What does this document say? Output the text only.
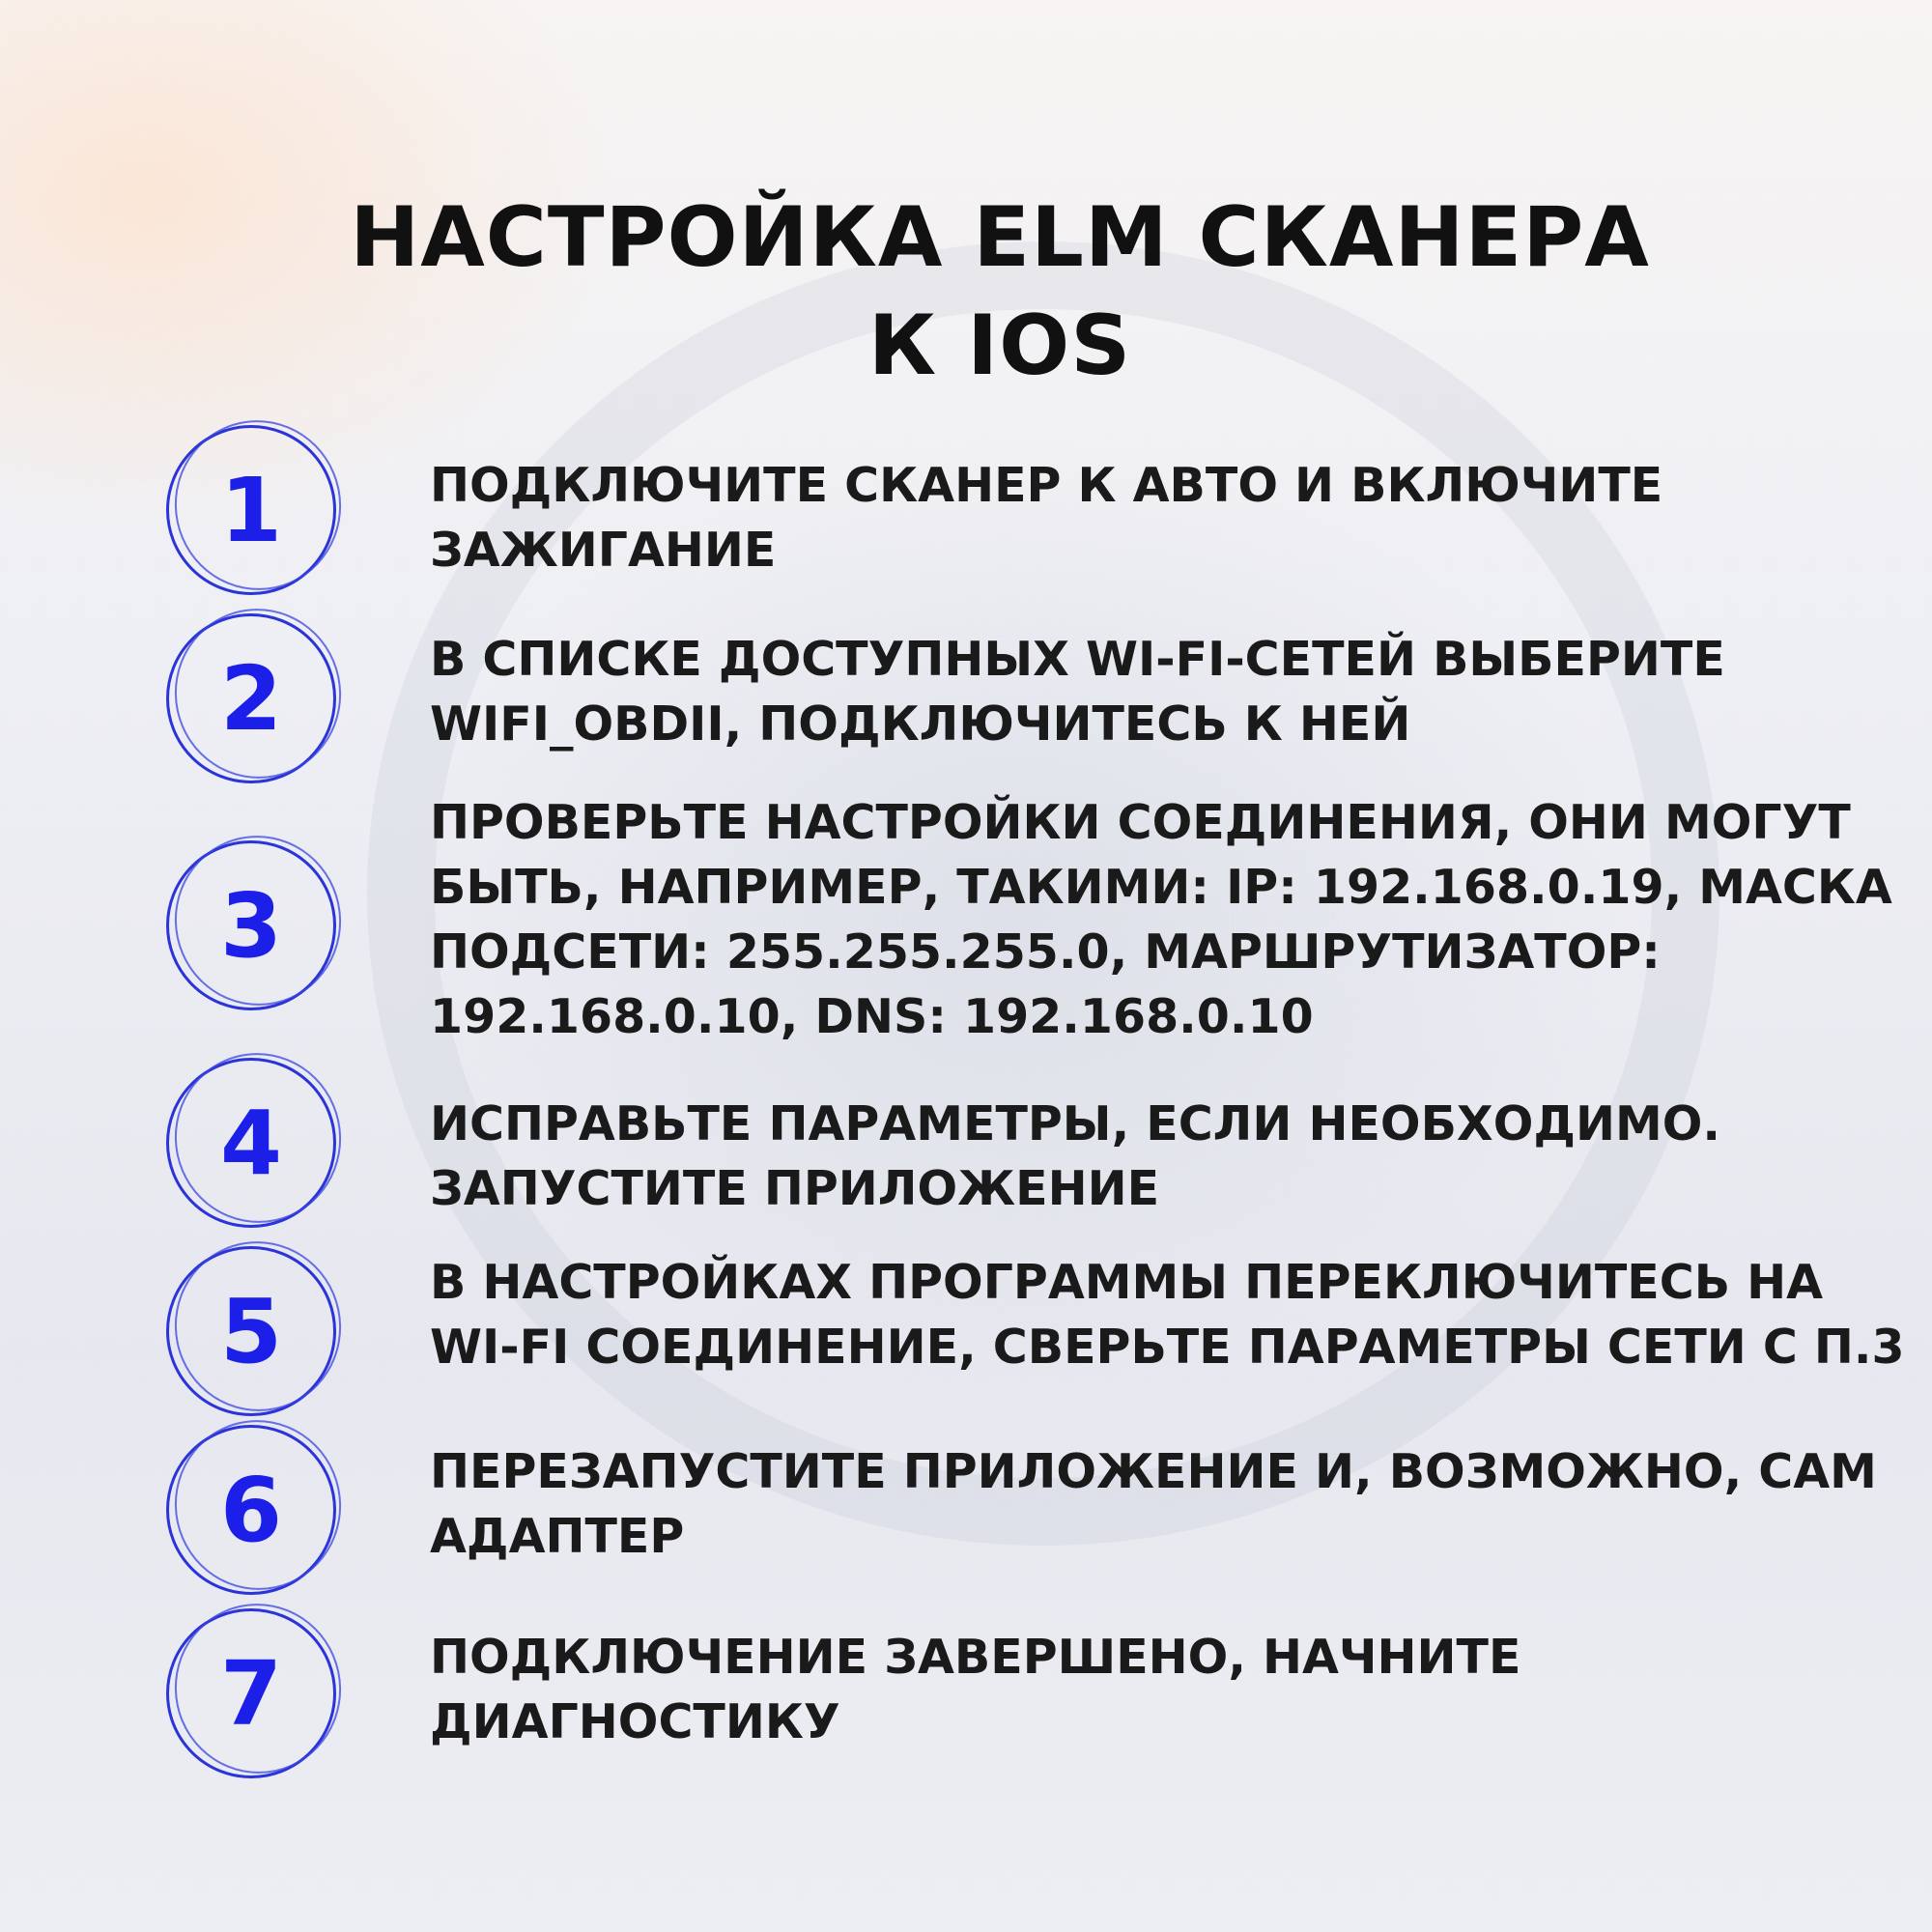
НАСТРОЙКА ELM СКАНЕРА
К IOS
1	ПОДКЛЮЧИТЕ СКАНЕР К АВТО И ВКЛЮЧИТЕ ЗАЖИГАНИЕ

2	В СПИСКЕ ДОСТУПНЫХ WI-FI-СЕТЕЙ ВЫБЕРИТЕ WIFI_OBDII, ПОДКЛЮЧИТЕСЬ К НЕЙ

3

ПРОВЕРЬТЕ НАСТРОЙКИ СОЕДИНЕНИЯ, ОНИ МОГУТ БЫТЬ, НАПРИМЕР, ТАКИМИ: IP: 192.168.0.19, МАСКА ПОДСЕТИ: 255.255.255.0, МАРШРУТИЗАТОР: 192.168.0.10, DNS: 192.168.0.10

4	ИСПРАВЬТЕ ПАРАМЕТРЫ, ЕСЛИ НЕОБХОДИМО. ЗАПУСТИТЕ ПРИЛОЖЕНИЕ

5	В НАСТРОЙКАХ ПРОГРАММЫ ПЕРЕКЛЮЧИТЕСЬ НА WI-FI СОЕДИНЕНИЕ, СВЕРЬТЕ ПАРАМЕТРЫ СЕТИ С П.3

6	ПЕРЕЗАПУСТИТЕ ПРИЛОЖЕНИЕ И, ВОЗМОЖНО, САМ АДАПТЕР

7	ПОДКЛЮЧЕНИЕ ЗАВЕРШЕНО, НАЧНИТЕ ДИАГНОСТИКУ
